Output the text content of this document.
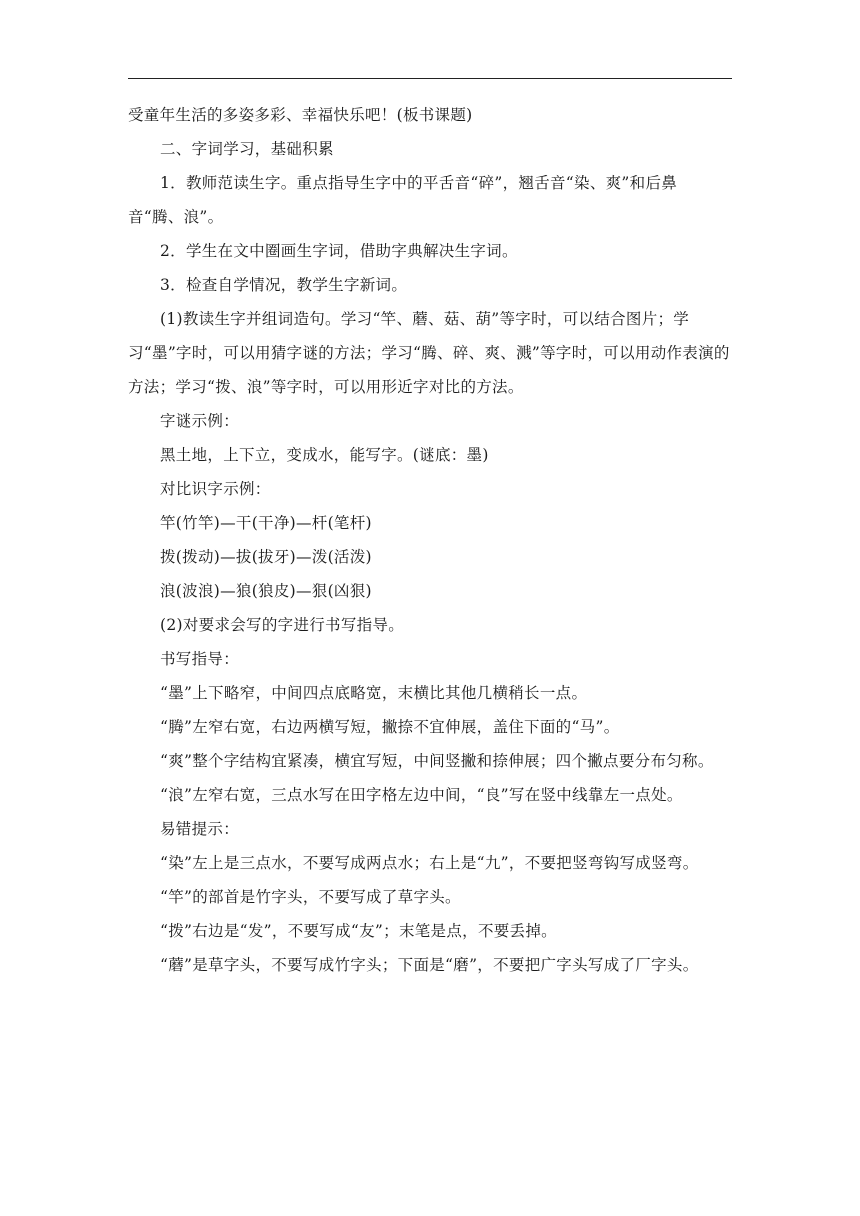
受童年生活的多姿多彩、幸福快乐吧！(板书课题)

二、字词学习，基础积累

1．教师范读生字。重点指导生字中的平舌音“碎”，翘舌音“染、爽”和后鼻音“腾、浪”。

2．学生在文中圈画生字词，借助字典解决生字词。

3．检查自学情况，教学生字新词。

(1)教读生字并组词造句。学习“竿、蘑、菇、葫”等字时，可以结合图片；学习“墨”字时，可以用猜字谜的方法；学习“腾、碎、爽、溅”等字时，可以用动作表演的方法；学习“拨、浪”等字时，可以用形近字对比的方法。

字谜示例：

黑土地，上下立，变成水，能写字。(谜底：墨)

对比识字示例：

竿(竹竿)—干(干净)—杆(笔杆)

拨(拨动)—拔(拔牙)—泼(活泼)

浪(波浪)—狼(狼皮)—狠(凶狠)

(2)对要求会写的字进行书写指导。

书写指导：

“墨”上下略窄，中间四点底略宽，末横比其他几横稍长一点。

“腾”左窄右宽，右边两横写短，撇捺不宜伸展，盖住下面的“马”。

“爽”整个字结构宜紧凑，横宜写短，中间竖撇和捺伸展；四个撇点要分布匀称。

“浪”左窄右宽，三点水写在田字格左边中间，“良”写在竖中线靠左一点处。

易错提示：

“染”左上是三点水，不要写成两点水；右上是“九”，不要把竖弯钩写成竖弯。

“竿”的部首是竹字头，不要写成了草字头。

“拨”右边是“发”，不要写成“友”；末笔是点，不要丢掉。

“蘑”是草字头，不要写成竹字头；下面是“磨”，不要把广字头写成了厂字头。
